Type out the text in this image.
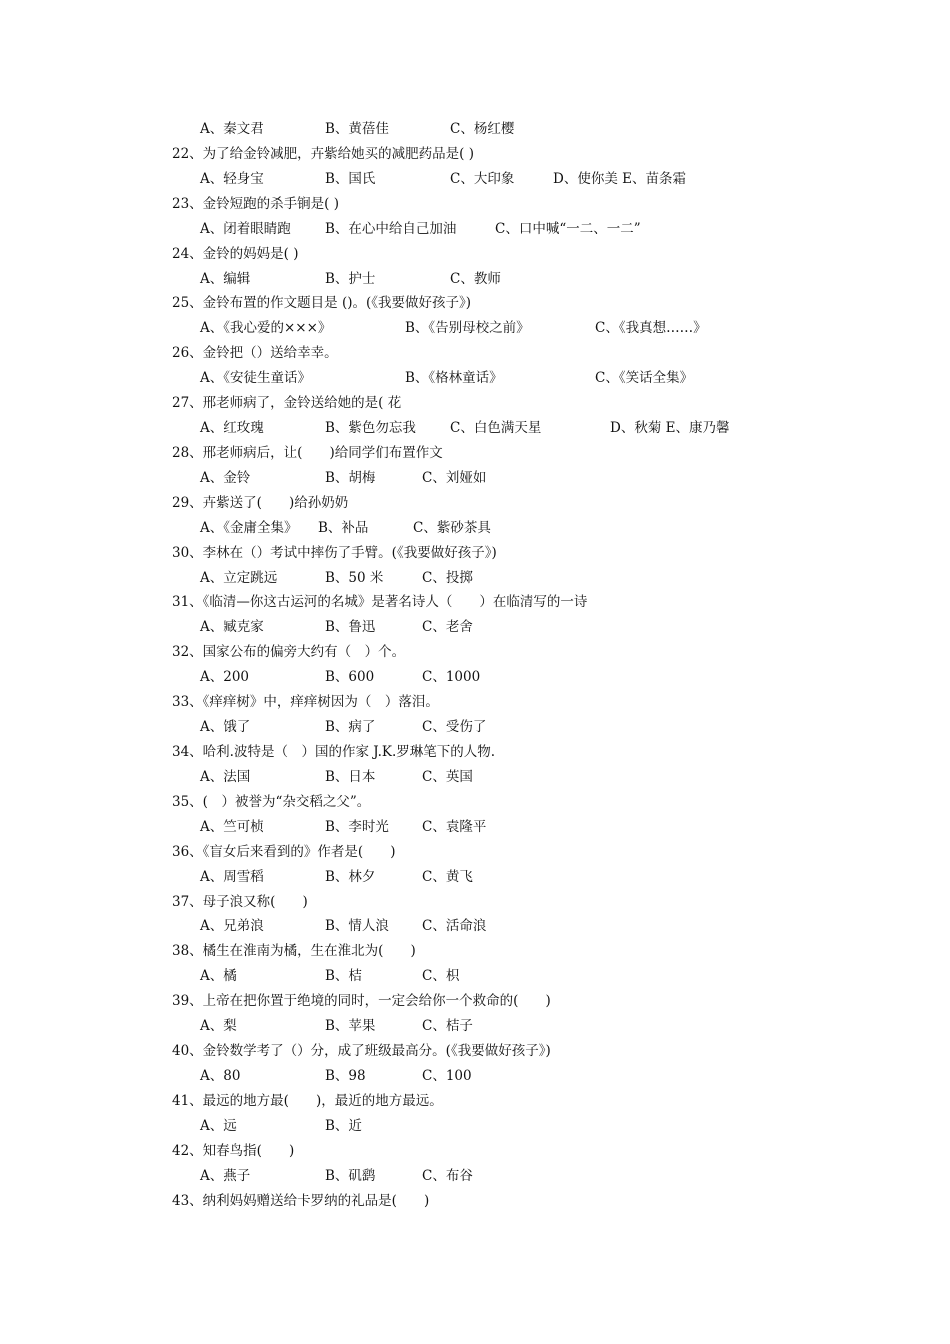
A、秦文君	B、黄蓓佳	C、杨红樱
22、为了给金铃减肥，卉紫给她买的减肥药品是( )
A、轻身宝	B、国氏	C、大印象	D、使你美 E、苗条霜
23、金铃短跑的杀手锏是( )
A、闭着眼睛跑	B、在心中给自己加油	C、口中喊“一二、一二”
24、金铃的妈妈是( )
A、编辑	B、护士	C、教师
25、金铃布置的作文题目是 ()。(《我要做好孩子》)
A、《我心爱的×××》	B、《告别母校之前》	C、《我真想……》
26、金铃把（）送给幸幸。
A、《安徒生童话》	B、《格林童话》	C、《笑话全集》
27、邢老师病了，金铃送给她的是( 花
A、红玫瑰	B、紫色勿忘我	C、白色满天星	D、秋菊 E、康乃馨
28、邢老师病后，让(　　)给同学们布置作文
A、金铃	B、胡梅	C、刘娅如
29、卉紫送了(　　)给孙奶奶
A、《金庸全集》 B、补品	C、紫砂茶具
30、李林在（）考试中摔伤了手臂。(《我要做好孩子》)
A、立定跳远	B、50 米	C、投掷
31、《临清—你这古运河的名城》是著名诗人（　　）在临清写的一诗
A、臧克家	B、鲁迅	C、老舍
32、国家公布的偏旁大约有（　）个。
A、200	B、600	C、1000
33、《痒痒树》中，痒痒树因为（　）落泪。
A、饿了	B、病了	C、受伤了
34、哈利.波特是（　）国的作家 J.K.罗琳笔下的人物.
A、法国	B、日本	C、英国
35、(　）被誉为“杂交稻之父”。
A、竺可桢	B、李时光 C、袁隆平
36、《盲女后来看到的》作者是(　　)
A、周雪稻	B、林夕	C、黄飞
37、母子浪又称(　　)
A、兄弟浪	B、情人浪 C、活命浪
38、橘生在淮南为橘，生在淮北为(　　)
A、橘	B、桔	C、枳
39、上帝在把你置于绝境的同时，一定会给你一个救命的(　　)
A、梨	B、苹果	C、桔子
40、金铃数学考了（）分，成了班级最高分。(《我要做好孩子》)
A、80	B、98	C、100
41、最远的地方最(　　)，最近的地方最远。
A、远	B、近
42、知春鸟指(　　)
A、燕子	B、矶鹞	C、布谷
43、纳利妈妈赠送给卡罗纳的礼品是(　　)
